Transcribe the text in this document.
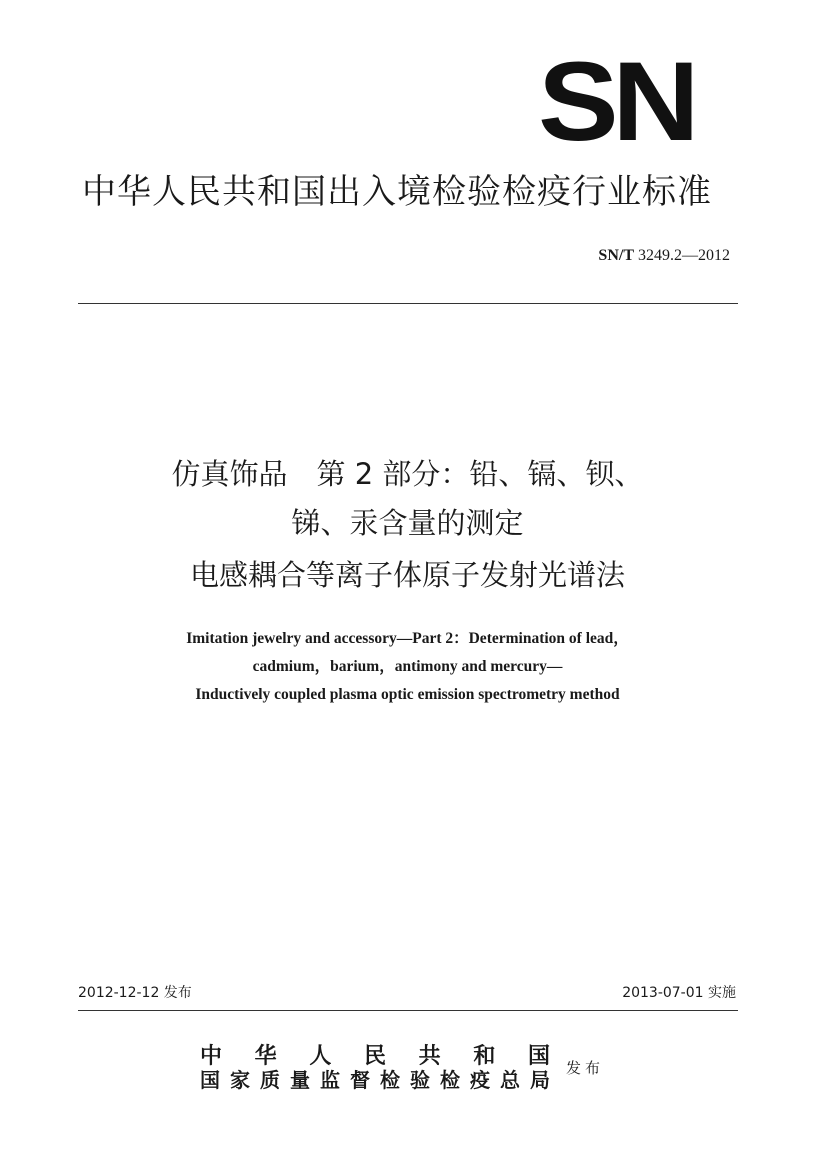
SN
中华人民共和国出入境检验检疫行业标准
SN/T 3249.2—2012
仿真饰品　第 2 部分：铅、镉、钡、
锑、汞含量的测定
电感耦合等离子体原子发射光谱法
Imitation jewelry and accessory—Part 2：Determination of lead，
cadmium，barium，antimony and mercury—
Inductively coupled plasma optic emission spectrometry method
2012-12-12 发布	2013-07-01 实施
中 华 人 民 共 和 国
国家质量监督检验检疫总局 发布
